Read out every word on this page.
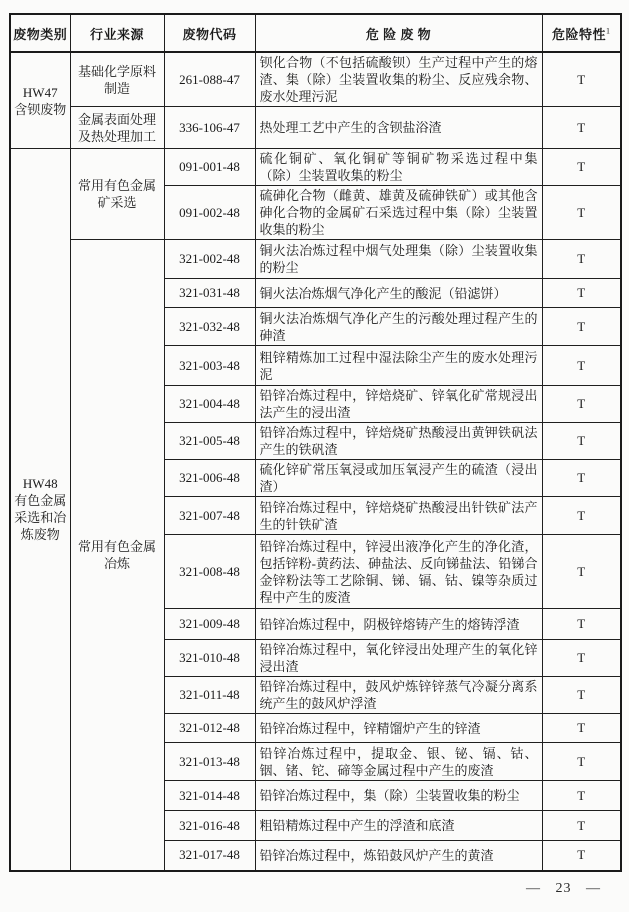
废物类别	行业来源	废物代码	危 险 废 物	危险特性$^1$

HW47
含钡废物	基础化学原料制造	261-088-47	钡化合物（不包括硫酸钡）生产过程中产生的熔渣、集（除）尘装置收集的粉尘、反应残余物、废水处理污泥	T
	金属表面处理及热处理加工	336-106-47	热处理工艺中产生的含钡盐浴渣	T

HW48
有色金属采选和冶炼废物	常用有色金属矿采选	091-001-48	硫化铜矿、氧化铜矿等铜矿物采选过程中集（除）尘装置收集的粉尘	T
		091-002-48	硫砷化合物（雌黄、雄黄及硫砷铁矿）或其他含砷化合物的金属矿石采选过程中集（除）尘装置收集的粉尘	T
	常用有色金属冶炼	321-002-48	铜火法冶炼过程中烟气处理集（除）尘装置收集的粉尘	T
		321-031-48	铜火法冶炼烟气净化产生的酸泥（铅滤饼）	T
		321-032-48	铜火法冶炼烟气净化产生的污酸处理过程产生的砷渣	T
		321-003-48	粗锌精炼加工过程中湿法除尘产生的废水处理污泥	T
		321-004-48	铅锌冶炼过程中，锌焙烧矿、锌氧化矿常规浸出法产生的浸出渣	T
		321-005-48	铅锌冶炼过程中，锌焙烧矿热酸浸出黄钾铁矾法产生的铁矾渣	T
		321-006-48	硫化锌矿常压氧浸或加压氧浸产生的硫渣（浸出渣）	T
		321-007-48	铅锌冶炼过程中，锌焙烧矿热酸浸出针铁矿法产生的针铁矿渣	T
		321-008-48	铅锌冶炼过程中，锌浸出液净化产生的净化渣，包括锌粉-黄药法、砷盐法、反向锑盐法、铅锑合金锌粉法等工艺除铜、锑、镉、钴、镍等杂质过程中产生的废渣	T
		321-009-48	铅锌冶炼过程中，阴极锌熔铸产生的熔铸浮渣	T
		321-010-48	铅锌冶炼过程中，氧化锌浸出处理产生的氧化锌浸出渣	T
		321-011-48	铅锌冶炼过程中，鼓风炉炼锌锌蒸气冷凝分离系统产生的鼓风炉浮渣	T
		321-012-48	铅锌冶炼过程中，锌精馏炉产生的锌渣	T
		321-013-48	铅锌冶炼过程中，提取金、银、铋、镉、钴、铟、锗、铊、碲等金属过程中产生的废渣	T
		321-014-48	铅锌冶炼过程中，集（除）尘装置收集的粉尘	T
		321-016-48	粗铅精炼过程中产生的浮渣和底渣	T
		321-017-48	铅锌冶炼过程中，炼铅鼓风炉产生的黄渣	T
— 23 —
